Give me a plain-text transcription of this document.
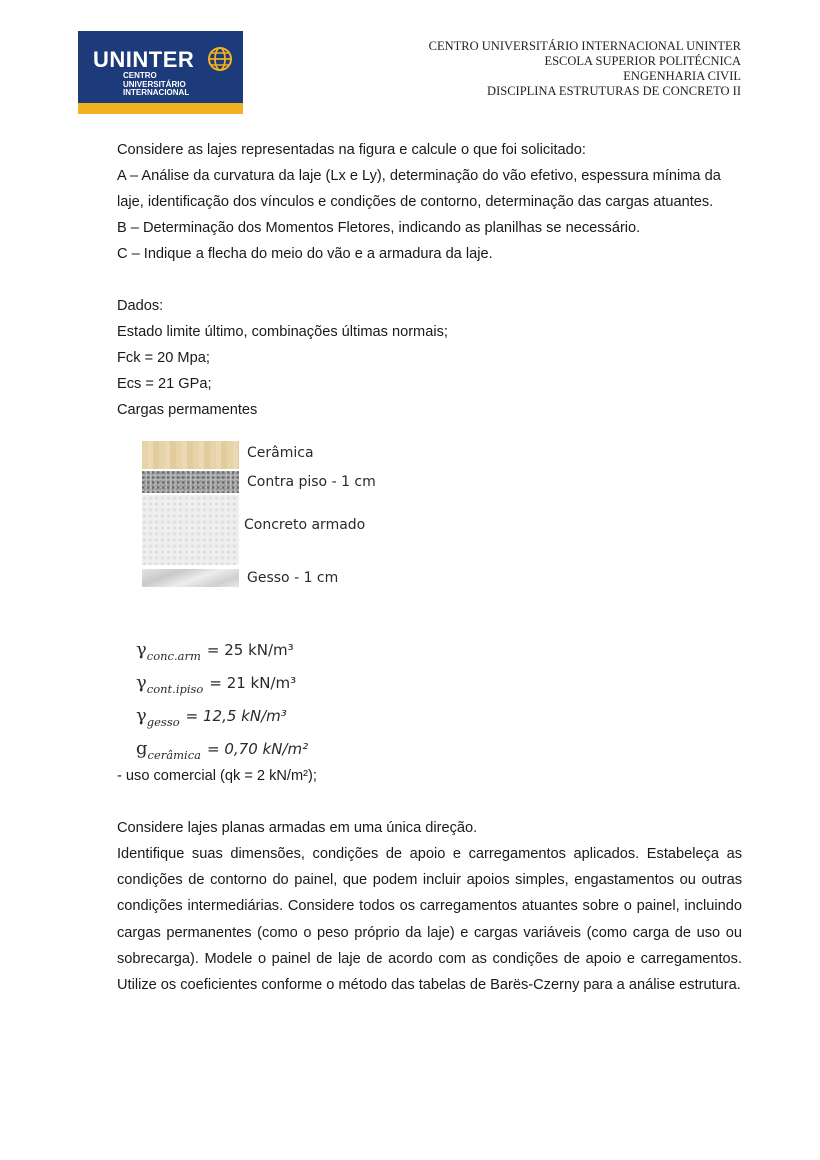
UNINTER
CENTRO
UNIVERSITÁRIO
INTERNACIONAL
CENTRO UNIVERSITÁRIO INTERNACIONAL UNINTER
ESCOLA SUPERIOR POLITÉCNICA
ENGENHARIA CIVIL
DISCIPLINA ESTRUTURAS DE CONCRETO II
Considere as lajes representadas na figura e calcule o que foi solicitado:
A – Análise da curvatura da laje (Lx e Ly), determinação do vão efetivo, espessura mínima da
laje, identificação dos vínculos e condições de contorno, determinação das cargas atuantes.
B – Determinação dos Momentos Fletores, indicando as planilhas se necessário.
C – Indique a flecha do meio do vão e a armadura da laje.
Dados:
Estado limite último, combinações últimas normais;
Fck = 20 Mpa;
Ecs = 21 GPa;
Cargas permamentes
Cerâmica
Contra piso - 1 cm
Concreto armado
Gesso - 1 cm
$\gamma_{conc.arm} = 25$ kN/m³
$\gamma_{cont.ipiso} = 21$ kN/m³
$\gamma_{gesso} = 12,5$ kN/m³
$g_{cerâmica} = 0,70$ kN/m²
- uso comercial (qk = 2 kN/m²);
Considere lajes planas armadas em uma única direção.
Identifique suas dimensões, condições de apoio e carregamentos aplicados. Estabeleça as condições de contorno do painel, que podem incluir apoios simples, engastamentos ou outras condições intermediárias. Considere todos os carregamentos atuantes sobre o painel, incluindo cargas permanentes (como o peso próprio da laje) e cargas variáveis (como carga de uso ou sobrecarga). Modele o painel de laje de acordo com as condições de apoio e carregamentos. Utilize os coeficientes conforme o método das tabelas de Barës-Czerny para a análise estrutura.
